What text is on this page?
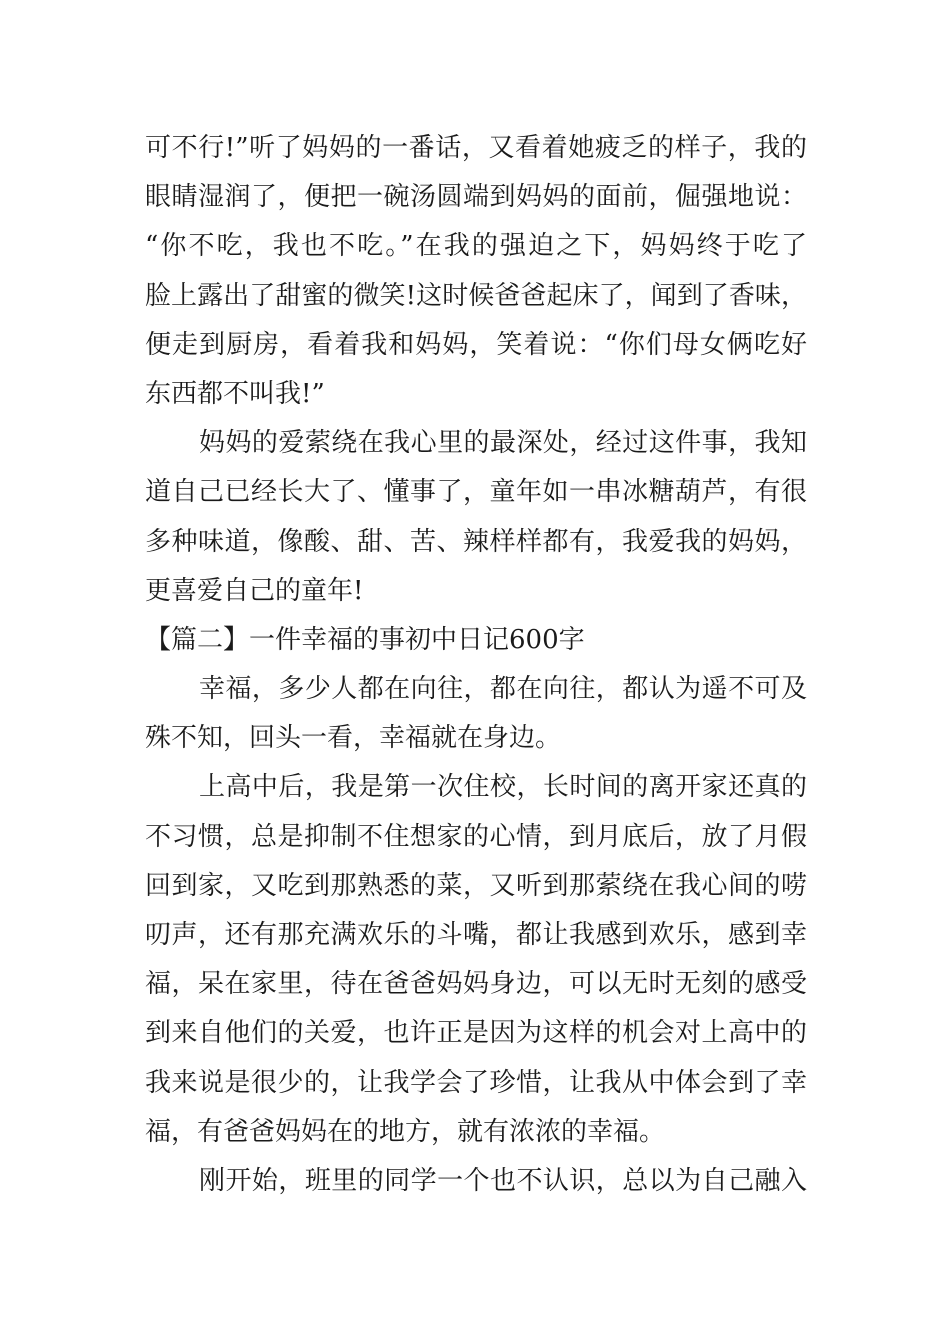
可不行!”听了妈妈的一番话，又看着她疲乏的样子，我的
眼睛湿润了，便把一碗汤圆端到妈妈的面前，倔强地说：
“你不吃，我也不吃。”在我的强迫之下，妈妈终于吃了
脸上露出了甜蜜的微笑!这时候爸爸起床了，闻到了香味，
便走到厨房，看着我和妈妈，笑着说：“你们母女俩吃好
东西都不叫我!”
妈妈的爱萦绕在我心里的最深处，经过这件事，我知
道自己已经长大了、懂事了，童年如一串冰糖葫芦，有很
多种味道，像酸、甜、苦、辣样样都有，我爱我的妈妈，
更喜爱自己的童年!
【篇二】一件幸福的事初中日记600字
幸福，多少人都在向往，都在向往，都认为遥不可及
殊不知，回头一看，幸福就在身边。
上高中后，我是第一次住校，长时间的离开家还真的
不习惯，总是抑制不住想家的心情，到月底后，放了月假
回到家，又吃到那熟悉的菜，又听到那萦绕在我心间的唠
叨声，还有那充满欢乐的斗嘴，都让我感到欢乐，感到幸
福，呆在家里，待在爸爸妈妈身边，可以无时无刻的感受
到来自他们的关爱，也许正是因为这样的机会对上高中的
我来说是很少的，让我学会了珍惜，让我从中体会到了幸
福，有爸爸妈妈在的地方，就有浓浓的幸福。
刚开始，班里的同学一个也不认识，总以为自己融入
